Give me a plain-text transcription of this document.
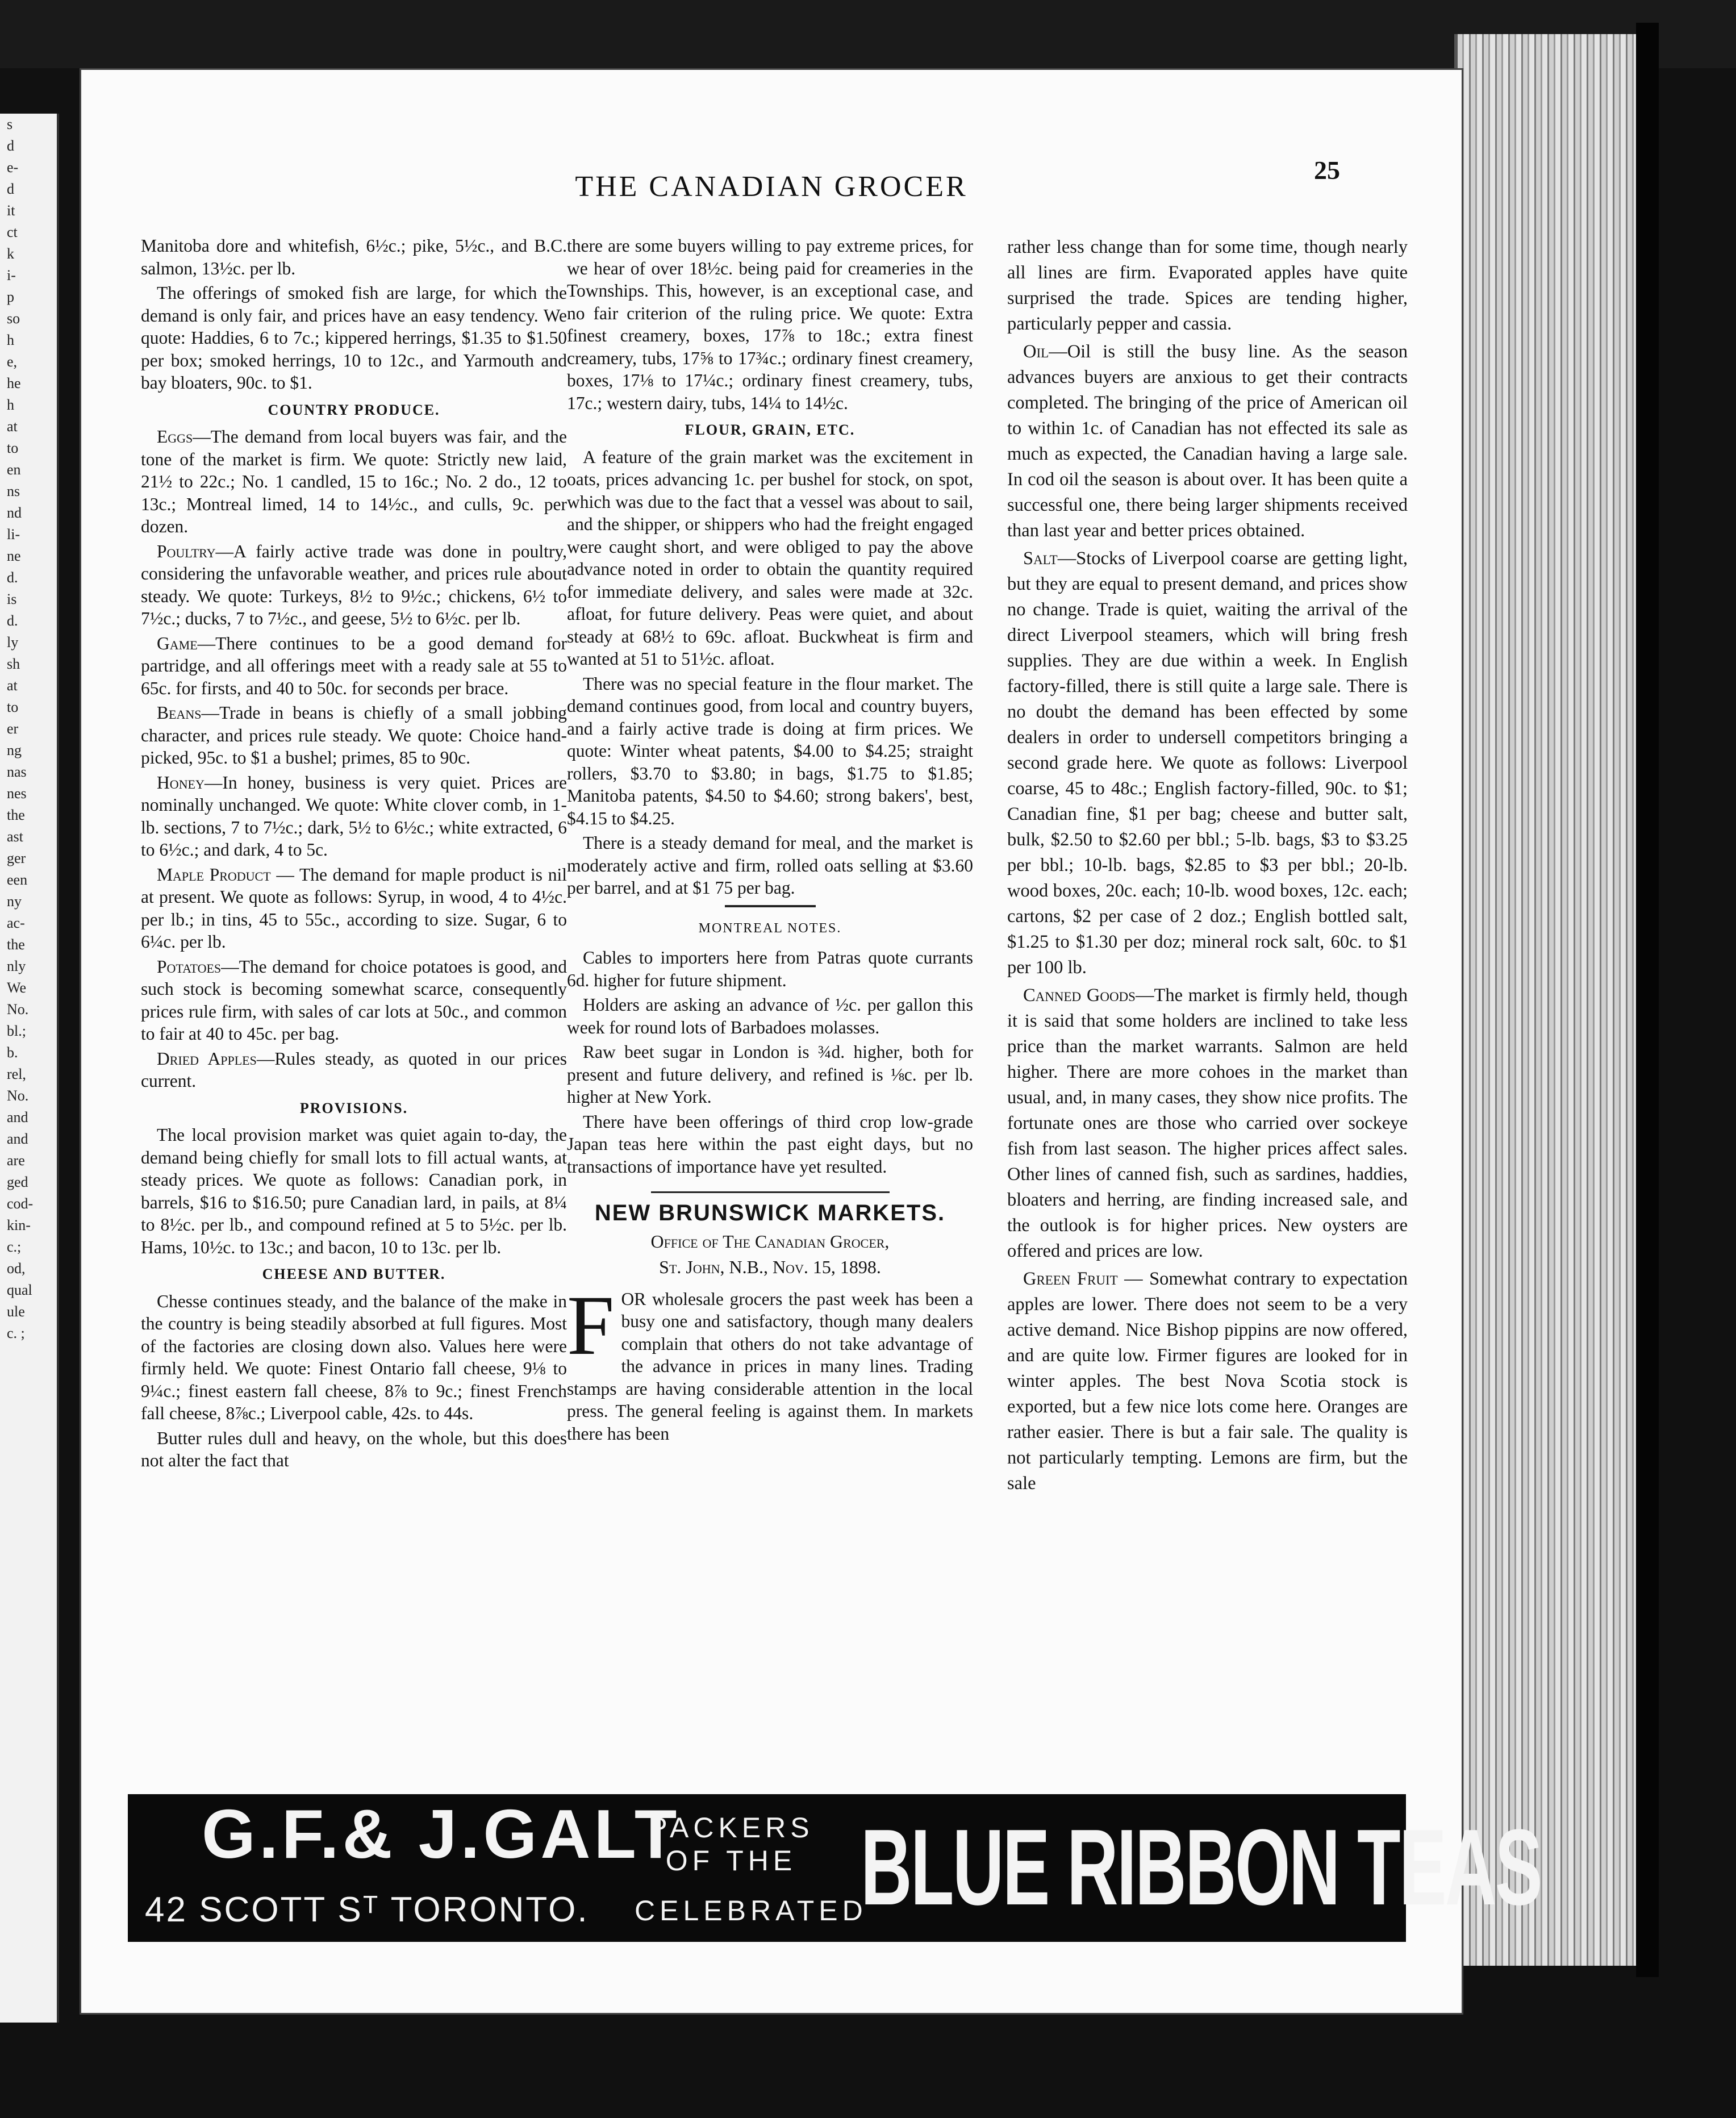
s
d
e-
d
it
ct
k
i-
p
so
h
e,
he
h
at
to
en
ns
nd
li-
ne
d.
is
d.
ly
sh
at
to
er
ng
nas
nes
the
ast
ger
een
ny
ac-
the
nly
We
No.
bl.;
b.
rel,
No.
and
and
are
ged
cod-
kin-
c.;
od,
qual
ule
c. ;
THE CANADIAN GROCER
25

Manitoba dore and whitefish, 6½c.; pike, 5½c., and B.C. salmon, 13½c. per lb.

The offerings of smoked fish are large, for which the demand is only fair, and prices have an easy tendency. We quote: Haddies, 6 to 7c.; kippered herrings, $1.35 to $1.50 per box; smoked herrings, 10 to 12c., and Yarmouth and bay bloaters, 90c. to $1.

COUNTRY PRODUCE.

Eggs—The demand from local buyers was fair, and the tone of the market is firm. We quote: Strictly new laid, 21½ to 22c.; No. 1 candled, 15 to 16c.; No. 2 do., 12 to 13c.; Montreal limed, 14 to 14½c., and culls, 9c. per dozen.

Poultry—A fairly active trade was done in poultry, considering the unfavorable weather, and prices rule about steady. We quote: Turkeys, 8½ to 9½c.; chickens, 6½ to 7½c.; ducks, 7 to 7½c., and geese, 5½ to 6½c. per lb.

Game—There continues to be a good demand for partridge, and all offerings meet with a ready sale at 55 to 65c. for firsts, and 40 to 50c. for seconds per brace.

Beans—Trade in beans is chiefly of a small jobbing character, and prices rule steady. We quote: Choice hand-picked, 95c. to $1 a bushel; primes, 85 to 90c.

Honey—In honey, business is very quiet. Prices are nominally unchanged. We quote: White clover comb, in 1-lb. sections, 7 to 7½c.; dark, 5½ to 6½c.; white extracted, 6 to 6½c.; and dark, 4 to 5c.

Maple Product — The demand for maple product is nil at present. We quote as follows: Syrup, in wood, 4 to 4½c. per lb.; in tins, 45 to 55c., according to size. Sugar, 6 to 6¼c. per lb.

Potatoes—The demand for choice potatoes is good, and such stock is becoming somewhat scarce, consequently prices rule firm, with sales of car lots at 50c., and common to fair at 40 to 45c. per bag.

Dried Apples—Rules steady, as quoted in our prices current.

PROVISIONS.

The local provision market was quiet again to-day, the demand being chiefly for small lots to fill actual wants, at steady prices. We quote as follows: Canadian pork, in barrels, $16 to $16.50; pure Canadian lard, in pails, at 8¼ to 8½c. per lb., and compound refined at 5 to 5½c. per lb. Hams, 10½c. to 13c.; and bacon, 10 to 13c. per lb.

CHEESE AND BUTTER.

Chesse continues steady, and the balance of the make in the country is being steadily absorbed at full figures. Most of the factories are closing down also. Values here were firmly held. We quote: Finest Ontario fall cheese, 9⅛ to 9¼c.; finest eastern fall cheese, 8⅞ to 9c.; finest French fall cheese, 8⅞c.; Liverpool cable, 42s. to 44s.

Butter rules dull and heavy, on the whole, but this does not alter the fact that

there are some buyers willing to pay extreme prices, for we hear of over 18½c. being paid for creameries in the Townships. This, however, is an exceptional case, and no fair criterion of the ruling price. We quote: Extra finest creamery, boxes, 17⅞ to 18c.; extra finest creamery, tubs, 17⅝ to 17¾c.; ordinary finest creamery, boxes, 17⅛ to 17¼c.; ordinary finest creamery, tubs, 17c.; western dairy, tubs, 14¼ to 14½c.

FLOUR, GRAIN, ETC.

A feature of the grain market was the excitement in oats, prices advancing 1c. per bushel for stock, on spot, which was due to the fact that a vessel was about to sail, and the shipper, or shippers who had the freight engaged were caught short, and were obliged to pay the above advance noted in order to obtain the quantity required for immediate delivery, and sales were made at 32c. afloat, for future delivery. Peas were quiet, and about steady at 68½ to 69c. afloat. Buckwheat is firm and wanted at 51 to 51½c. afloat.

There was no special feature in the flour market. The demand continues good, from local and country buyers, and a fairly active trade is doing at firm prices. We quote: Winter wheat patents, $4.00 to $4.25; straight rollers, $3.70 to $3.80; in bags, $1.75 to $1.85; Manitoba patents, $4.50 to $4.60; strong bakers', best, $4.15 to $4.25.

There is a steady demand for meal, and the market is moderately active and firm, rolled oats selling at $3.60 per barrel, and at $1 75 per bag.

MONTREAL NOTES.

Cables to importers here from Patras quote currants 6d. higher for future shipment.

Holders are asking an advance of ½c. per gallon this week for round lots of Barbadoes molasses.

Raw beet sugar in London is ¾d. higher, both for present and future delivery, and refined is ⅛c. per lb. higher at New York.

There have been offerings of third crop low-grade Japan teas here within the past eight days, but no transactions of importance have yet resulted.

NEW BRUNSWICK MARKETS.
Office of The Canadian Grocer,
St. John, N.B., Nov. 15, 1898.
F OR wholesale grocers the past week has been a busy one and satisfactory, though many dealers complain that others do not take advantage of the advance in prices in many lines. Trading stamps are having considerable attention in the local press. The general feeling is against them. In markets there has been

rather less change than for some time, though nearly all lines are firm. Evaporated apples have quite surprised the trade. Spices are tending higher, particularly pepper and cassia.

Oil—Oil is still the busy line. As the season advances buyers are anxious to get their contracts completed. The bringing of the price of American oil to within 1c. of Canadian has not effected its sale as much as expected, the Canadian having a large sale. In cod oil the season is about over. It has been quite a successful one, there being larger shipments received than last year and better prices obtained.

Salt—Stocks of Liverpool coarse are getting light, but they are equal to present demand, and prices show no change. Trade is quiet, waiting the arrival of the direct Liverpool steamers, which will bring fresh supplies. They are due within a week. In English factory-filled, there is still quite a large sale. There is no doubt the demand has been effected by some dealers in order to undersell competitors bringing a second grade here. We quote as follows: Liverpool coarse, 45 to 48c.; English factory-filled, 90c. to $1; Canadian fine, $1 per bag; cheese and butter salt, bulk, $2.50 to $2.60 per bbl.; 5-lb. bags, $3 to $3.25 per bbl.; 10-lb. bags, $2.85 to $3 per bbl.; 20-lb. wood boxes, 20c. each; 10-lb. wood boxes, 12c. each; cartons, $2 per case of 2 doz.; English bottled salt, $1.25 to $1.30 per doz; mineral rock salt, 60c. to $1 per 100 lb.

Canned Goods—The market is firmly held, though it is said that some holders are inclined to take less price than the market warrants. Salmon are held higher. There are more cohoes in the market than usual, and, in many cases, they show nice profits. The fortunate ones are those who carried over sockeye fish from last season. The higher prices affect sales. Other lines of canned fish, such as sardines, haddies, bloaters and herring, are finding increased sale, and the outlook is for higher prices. New oysters are offered and prices are low.

Green Fruit — Somewhat contrary to expectation apples are lower. There does not seem to be a very active demand. Nice Bishop pippins are now offered, and are quite low. Firmer figures are looked for in winter apples. The best Nova Scotia stock is exported, but a few nice lots come here. Oranges are rather easier. There is but a fair sale. The quality is not particularly tempting. Lemons are firm, but the sale

G.F.& J.GALT
42 SCOTT Sᵀ TORONTO.
PACKERS
OF THE
CELEBRATED
BLUE RIBBON TEAS
